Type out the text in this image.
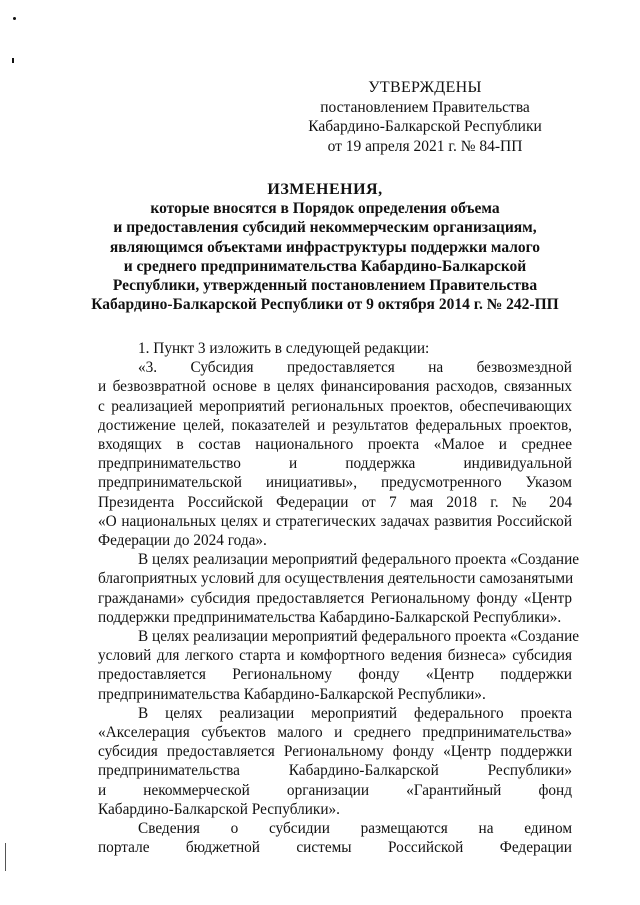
УТВЕРЖДЕНЫ
постановлением Правительства
Кабардино-Балкарской Республики
от 19 апреля 2021 г. № 84-ПП
ИЗМЕНЕНИЯ,
которые вносятся в Порядок определения объема
и предоставления субсидий некоммерческим организациям,
являющимся объектами инфраструктуры поддержки малого
и среднего предпринимательства Кабардино-Балкарской
Республики, утвержденный постановлением Правительства
Кабардино-Балкарской Республики от 9 октября 2014 г. № 242-ПП

1. Пункт 3 изложить в следующей редакции:

«3. Субсидия предоставляется на безвозмездной
и безвозвратной основе в целях финансирования расходов, связанных
с реализацией мероприятий региональных проектов, обеспечивающих
достижение целей, показателей и результатов федеральных проектов,
входящих в состав национального проекта «Малое и среднее
предпринимательство и поддержка индивидуальной
предпринимательской инициативы», предусмотренного Указом
Президента Российской Федерации от 7 мая 2018 г. № 204
«О национальных целях и стратегических задачах развития Российской
Федерации до 2024 года».

В целях реализации мероприятий федерального проекта «Создание
благоприятных условий для осуществления деятельности самозанятыми
гражданами» субсидия предоставляется Региональному фонду «Центр
поддержки предпринимательства Кабардино-Балкарской Республики».

В целях реализации мероприятий федерального проекта «Создание
условий для легкого старта и комфортного ведения бизнеса» субсидия
предоставляется Региональному фонду «Центр поддержки
предпринимательства Кабардино-Балкарской Республики».

В целях реализации мероприятий федерального проекта
«Акселерация субъектов малого и среднего предпринимательства»
субсидия предоставляется Региональному фонду «Центр поддержки
предпринимательства Кабардино-Балкарской Республики»
и некоммерческой организации «Гарантийный фонд
Кабардино-Балкарской Республики».

Сведения о субсидии размещаются на едином
портале бюджетной системы Российской Федерации
